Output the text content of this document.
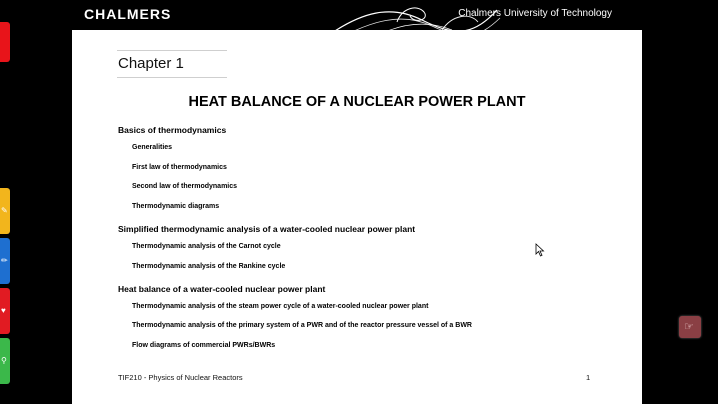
✎
✏
♥
⚲
CHALMERS	Chalmers University of Technology
Chapter 1
HEAT BALANCE OF A NUCLEAR POWER PLANT
Basics of thermodynamics
Generalities
First law of thermodynamics
Second law of thermodynamics
Thermodynamic diagrams
Simplified thermodynamic analysis of a water-cooled nuclear power plant
Thermodynamic analysis of the Carnot cycle
Thermodynamic analysis of the Rankine cycle
Heat balance of a water-cooled nuclear power plant
Thermodynamic analysis of the steam power cycle of a water-cooled nuclear power plant
Thermodynamic analysis of the primary system of a PWR and of the reactor pressure vessel of a BWR
Flow diagrams of commercial PWRs/BWRs
TIF210 - Physics of Nuclear Reactors	1
☞
